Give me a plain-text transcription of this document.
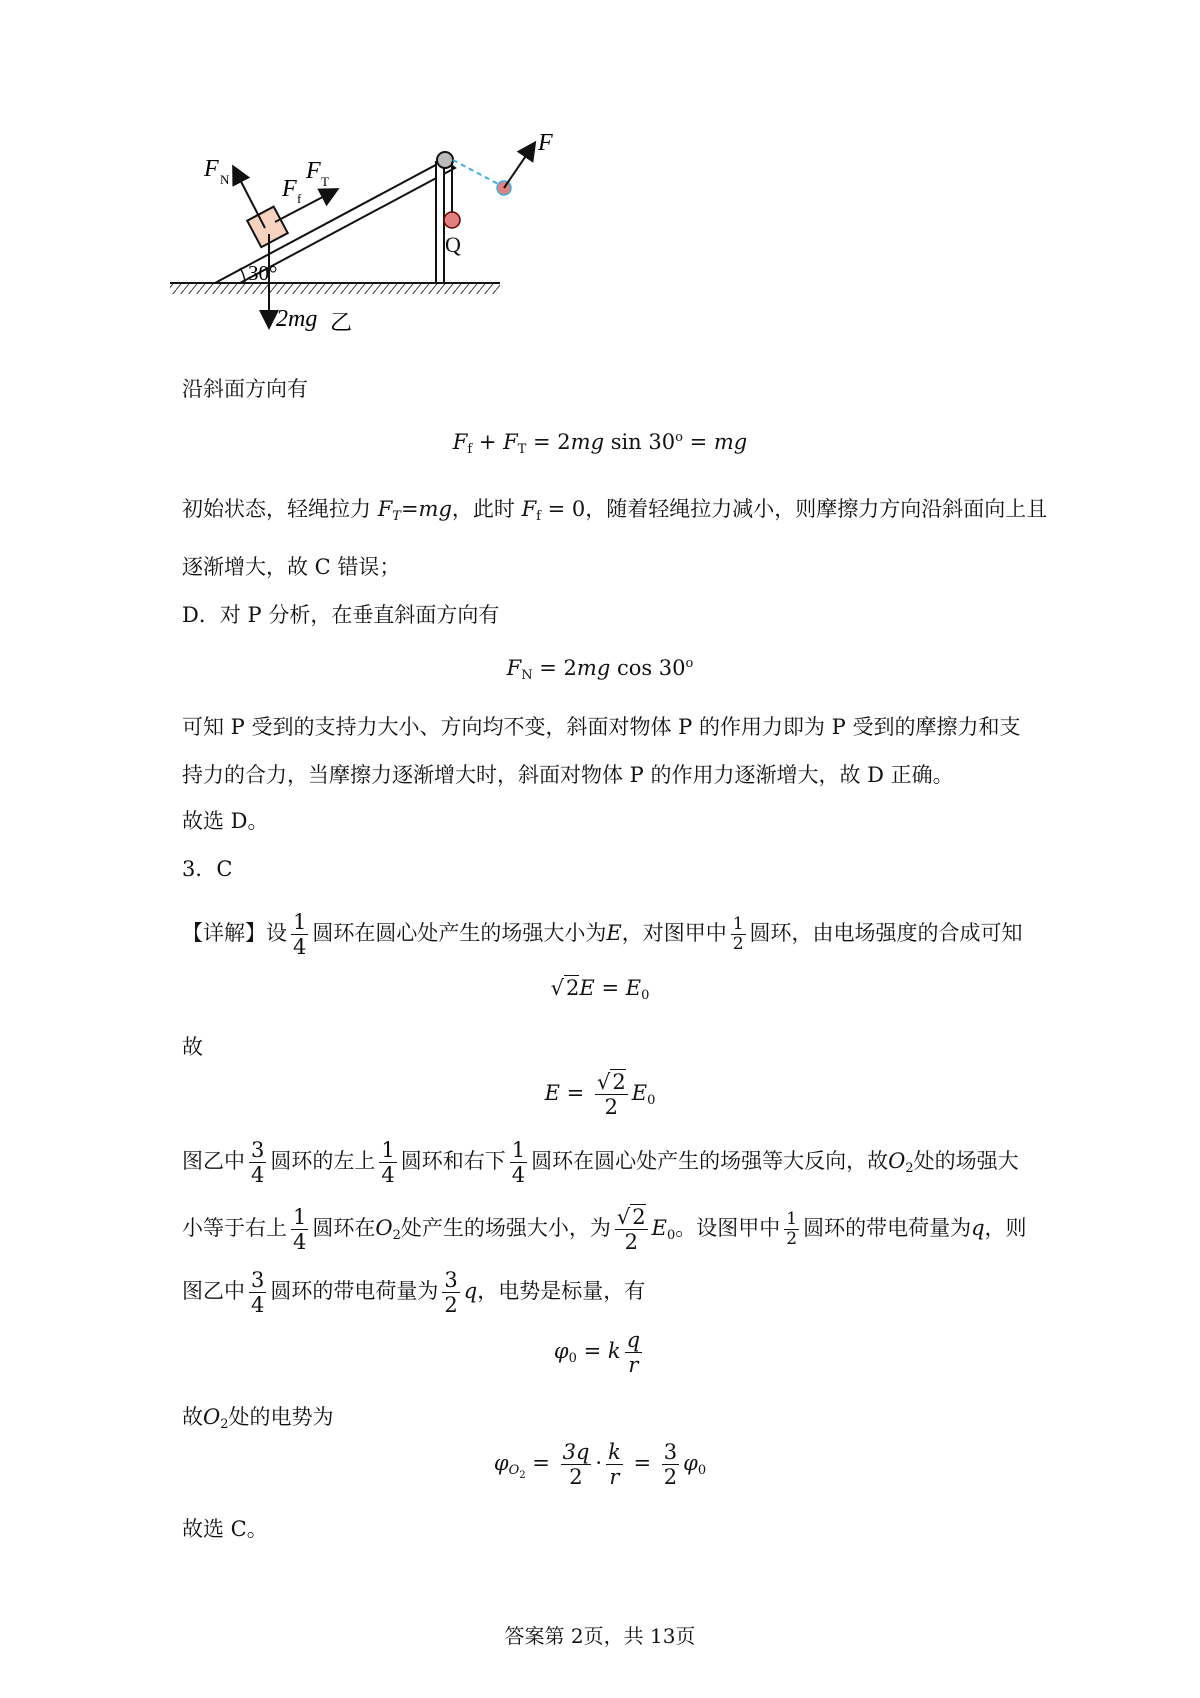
Q
F
F N F f
F T
30°
2mg 乙
沿斜面方向有
$F_f + F_T = 2mg$ $\sin 30^o$ = mg
初始状态，轻绳拉力 $F_T=mg$，此时 $F_f = 0$，随着轻绳拉力减小，则摩擦力方向沿斜面向上且
逐渐增大，故 C 错误；
D．对 P 分析，在垂直斜面方向有
$F_N = 2mg$ cos 30$^o$
可知 P 受到的支持力大小、方向均不变，斜面对物体 P 的作用力即为 P 受到的摩擦力和支
持力的合力，当摩擦力逐渐增大时，斜面对物体 P 的作用力逐渐增大，故 D 正确。
故选 D。
3．C
【详解】设 $\frac{1}{4}$ 圆环在圆心处产生的场强大小为E，对图甲中 $\frac{1}{2}$ 圆环，由电场强度的合成可知
$√2E = E_0$
故
$E = \frac{√2}{2} E_0$
图乙中 $\frac{3}{4}$ 圆环的左上 $\frac{1}{4}$ 圆环和右下 $\frac{1}{4}$ 圆环在圆心处产生的场强等大反向，故$O_2$处的场强大
小等于右上 $\frac{1}{4}$ 圆环在$O_2$处产生的场强大小，为 $\frac{√2}{2} E_0$。设图甲中 $\frac{1}{2}$ 圆环的带电荷量为q，则
图乙中 $\frac{3}{4}$ 圆环的带电荷量为 $\frac{3}{2}$ q，电势是标量，有
$\varphi_0 = k \frac{q}{r}$
故$O_2$处的电势为
$\varphi_{O_2} = \frac{3q}{2} \cdot \frac{k}{r} = \frac{3}{2} \varphi_0$
故选 C。
答案第 2页，共 13页
